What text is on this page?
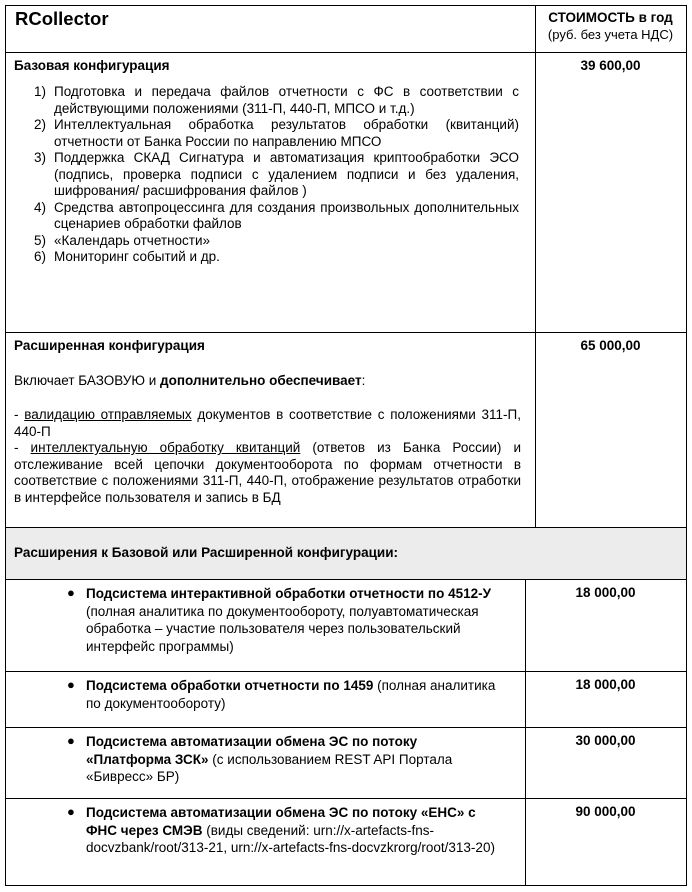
RCollector	СТОИМОСТЬ в год
(руб. без учета НДС)
Базовая конфигурация
1) Подготовка и передача файлов отчетности с ФС в соответствии с действующими положениями (311-П, 440-П, МПСО и т.д.)
2) Интеллектуальная обработка результатов обработки (квитанций) отчетности от Банка России по направлению МПСО
3) Поддержка СКАД Сигнатура и автоматизация криптообработки ЭСО (подпись, проверка подписи с удалением подписи и без удаления, шифрования/ расшифрования файлов )
4) Средства автопроцессинга для создания произвольных дополнительных сценариев обработки файлов
5) «Календарь отчетности»
6) Мониторинг событий и др.
39 600,00
Расширенная конфигурация
Включает БАЗОВУЮ и дополнительно обеспечивает:
- валидацию отправляемых документов в соответствие с положениями 311-П, 440-П
- интеллектуальную обработку квитанций (ответов из Банка России) и отслеживание всей цепочки документооборота по формам отчетности в соответствие с положениями 311-П, 440-П, отображение результатов отработки в интерфейсе пользователя и запись в БД
65 000,00
Расширения к Базовой или Расширенной конфигурации:
● Подсистема интерактивной обработки отчетности по 4512-У (полная аналитика по документообороту, полуавтоматическая обработка – участие пользователя через пользовательский интерфейс программы)
18 000,00
● Подсистема обработки отчетности по 1459 (полная аналитика по документообороту)
18 000,00
● Подсистема автоматизации обмена ЭС по потоку «Платформа ЗСК» (с использованием REST API Портала «Бивресс» БР)
30 000,00
● Подсистема автоматизации обмена ЭС по потоку «ЕНС» с ФНС через СМЭВ (виды сведений: urn://x-artefacts-fns-docvzbank/root/313-21, urn://x-artefacts-fns-docvzkrorg/root/313-20)
90 000,00
